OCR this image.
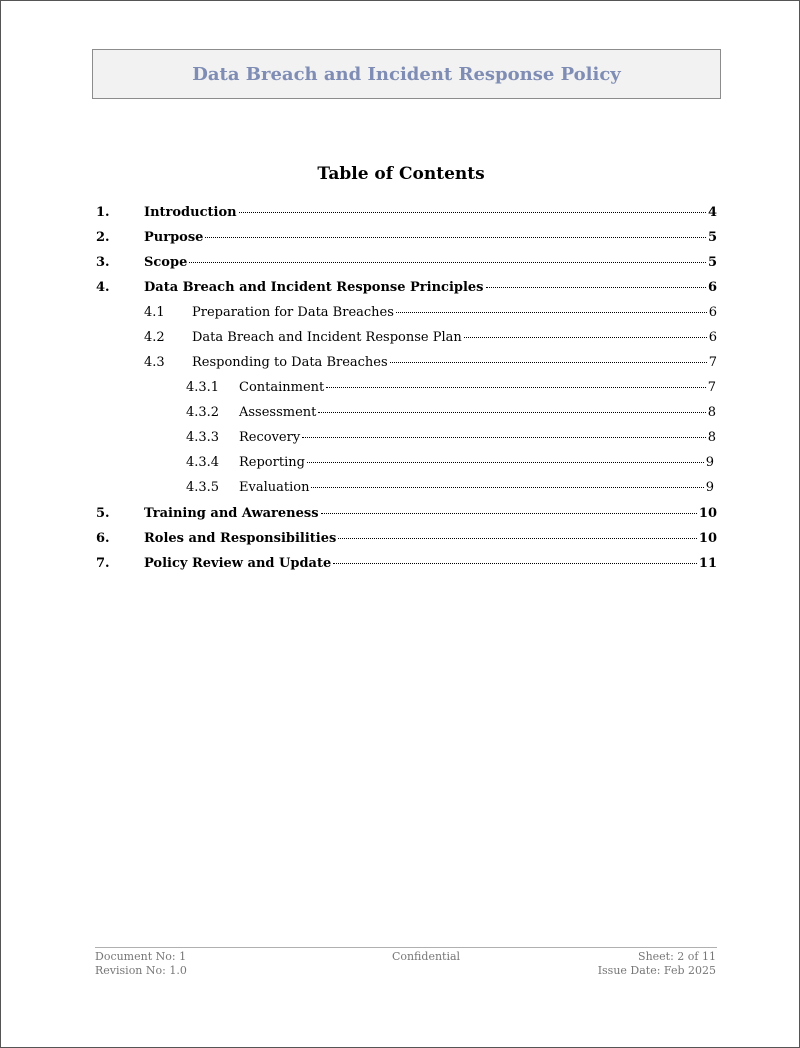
Data Breach and Incident Response Policy
Table of Contents
1.	Introduction	4
2.	Purpose	5
3.	Scope	5
4.	Data Breach and Incident Response Principles	6
4.1	Preparation for Data Breaches	6
4.2	Data Breach and Incident Response Plan	6
4.3	Responding to Data Breaches	7
4.3.1	Containment	7
4.3.2	Assessment	8
4.3.3	Recovery	8
4.3.4	Reporting	9
4.3.5	Evaluation	9
5.	Training and Awareness	10
6.	Roles and Responsibilities	10
7.	Policy Review and Update	11
Document No: 1
Revision No: 1.0
Confidential	Sheet: 2 of 11
Issue Date: Feb 2025
